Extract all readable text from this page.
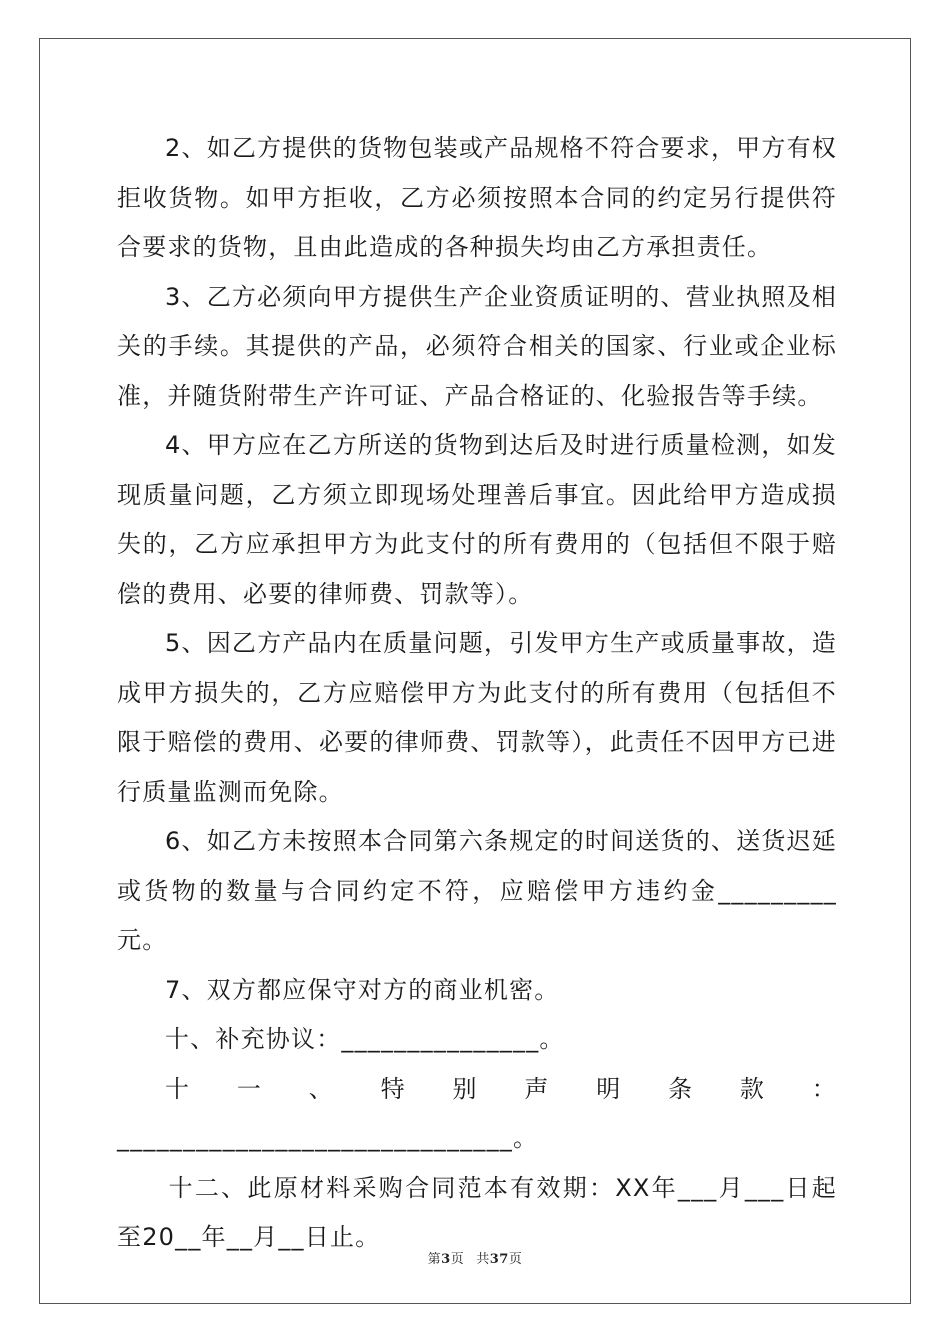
2、如乙方提供的货物包装或产品规格不符合要求，甲方有权拒收货物。如甲方拒收，乙方必须按照本合同的约定另行提供符合要求的货物，且由此造成的各种损失均由乙方承担责任。

3、乙方必须向甲方提供生产企业资质证明的、营业执照及相关的手续。其提供的产品，必须符合相关的国家、行业或企业标准，并随货附带生产许可证、产品合格证的、化验报告等手续。

4、甲方应在乙方所送的货物到达后及时进行质量检测，如发现质量问题，乙方须立即现场处理善后事宜。因此给甲方造成损失的，乙方应承担甲方为此支付的所有费用的（包括但不限于赔偿的费用、必要的律师费、罚款等）。

5、因乙方产品内在质量问题，引发甲方生产或质量事故，造成甲方损失的，乙方应赔偿甲方为此支付的所有费用（包括但不限于赔偿的费用、必要的律师费、罚款等），此责任不因甲方已进行质量监测而免除。

6、如乙方未按照本合同第六条规定的时间送货的、送货迟延或货物的数量与合同约定不符，应赔偿甲方违约金_________元。

7、双方都应保守对方的商业机密。

十、补充协议：_______________。

十一、特别声明条款：______________________________。

十二、此原材料采购合同范本有效期：XX年___月___日起至20__年__月__日止。

第3页 共37页
